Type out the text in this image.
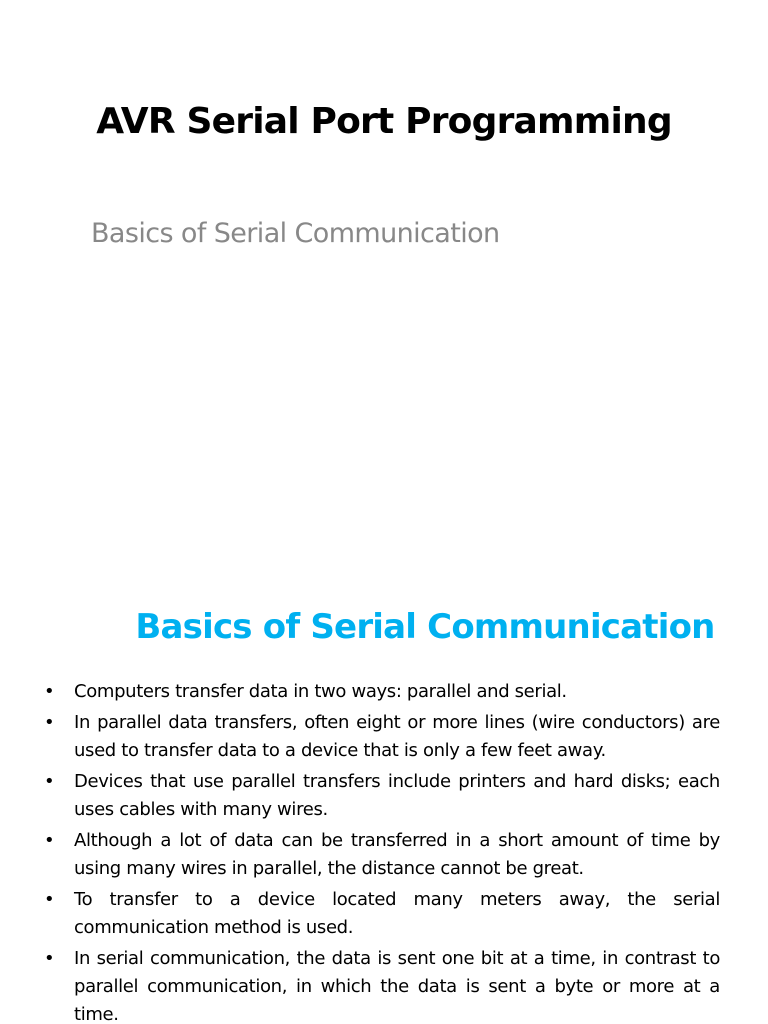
AVR Serial Port Programming

Basics of Serial Communication

Basics of Serial Communication
• Computers transfer data in two ways: parallel and serial.
• In parallel data transfers, often eight or more lines (wire conductors) are used to transfer data to a device that is only a few feet away.
• Devices that use parallel transfers include printers and hard disks; each uses cables with many wires.
• Although a lot of data can be transferred in a short amount of time by using many wires in parallel, the distance cannot be great.
• To transfer to a device located many meters away, the serial communication method is used.
• In serial communication, the data is sent one bit at a time, in contrast to parallel communication, in which the data is sent a byte or more at a time.
